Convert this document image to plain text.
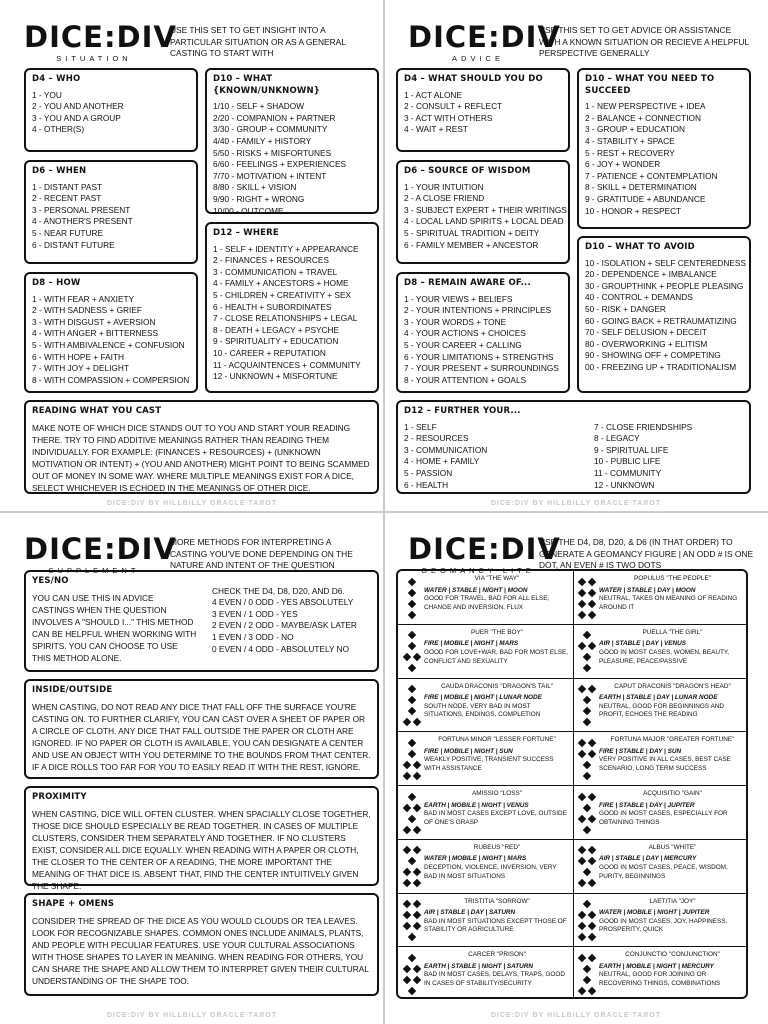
DICE:DIV
SITUATION
USE THIS SET TO GET INSIGHT INTO A PARTICULAR SITUATION OR AS A GENERAL CASTING TO START WITH
D4 – WHO
1 - YOU
2 - YOU AND ANOTHER
3 - YOU AND A GROUP
4 - OTHER(S)
D6 – WHEN
1 - DISTANT PAST
2 - RECENT PAST
3 - PERSONAL PRESENT
4 - ANOTHER'S PRESENT
5 - NEAR FUTURE
6 - DISTANT FUTURE
D8 – HOW
1 - WITH FEAR + ANXIETY
2 - WITH SADNESS + GRIEF
3 - WITH DISGUST + AVERSION
4 - WITH ANGER + BITTERNESS
5 - WITH AMBIVALENCE + CONFUSION
6 - WITH HOPE + FAITH
7 - WITH JOY + DELIGHT
8 - WITH COMPASSION + COMPERSION
D10 – WHAT {KNOWN/UNKNOWN}
1/10 - SELF + SHADOW
2/20 - COMPANION + PARTNER
3/30 - GROUP + COMMUNITY
4/40 - FAMILY + HISTORY
5/50 - RISKS + MISFORTUNES
6/60 - FEELINGS + EXPERIENCES
7/70 - MOTIVATION + INTENT
8/80 - SKILL + VISION
9/90 - RIGHT + WRONG
10/00 - OUTCOME
D12 – WHERE
1 - SELF + IDENTITY + APPEARANCE
2 - FINANCES + RESOURCES
3 - COMMUNICATION + TRAVEL
4 - FAMILY + ANCESTORS + HOME
5 - CHILDREN + CREATIVITY + SEX
6 - HEALTH + SUBORDINATES
7 - CLOSE RELATIONSHIPS + LEGAL
8 - DEATH + LEGACY + PSYCHE
9 - SPIRITUALITY + EDUCATION
10 - CAREER + REPUTATION
11 - ACQUAINTENCES + COMMUNITY
12 - UNKNOWN + MISFORTUNE
READING WHAT YOU CAST
MAKE NOTE OF WHICH DICE STANDS OUT TO YOU AND START YOUR READING THERE. TRY TO FIND ADDITIVE MEANINGS RATHER THAN READING THEM INDIVIDUALLY. FOR EXAMPLE: (FINANCES + RESOURCES) + (UNKNOWN MOTIVATION OR INTENT) + (YOU AND ANOTHER) MIGHT POINT TO BEING SCAMMED OUT OF MONEY IN SOME WAY. WHERE MULTIPLE MEANINGS EXIST FOR A DICE, SELECT WHICHEVER IS ECHOED IN THE MEANINGS OF OTHER DICE.
DICE:DIV BY HILLBILLY ORACLE TAROT
DICE:DIV
ADVICE
USE THIS SET TO GET ADVICE OR ASSISTANCE WITH A KNOWN SITUATION OR RECIEVE A HELPFUL PERSPECTIVE GENERALLY
D4 – WHAT SHOULD YOU DO
1 - ACT ALONE
2 - CONSULT + REFLECT
3 - ACT WITH OTHERS
4 - WAIT + REST
D6 – SOURCE OF WISDOM
1 - YOUR INTUITION
2 - A CLOSE FRIEND
3 - SUBJECT EXPERT + THEIR WRITINGS
4 - LOCAL LAND SPIRITS + LOCAL DEAD
5 - SPIRITUAL TRADITION + DEITY
6 - FAMILY MEMBER + ANCESTOR
D8 – REMAIN AWARE OF...
1 - YOUR VIEWS + BELIEFS
2 - YOUR INTENTIONS + PRINCIPLES
3 - YOUR WORDS + TONE
4 - YOUR ACTIONS + CHOICES
5 - YOUR CAREER + CALLING
6 - YOUR LIMITATIONS + STRENGTHS
7 - YOUR PRESENT + SURROUNDINGS
8 - YOUR ATTENTION + GOALS
D10 – WHAT YOU NEED TO SUCCEED
1 - NEW PERSPECTIVE + IDEA
2 - BALANCE + CONNECTION
3 - GROUP + EDUCATION
4 - STABILITY + SPACE
5 - REST + RECOVERY
6 - JOY + WONDER
7 - PATIENCE + CONTEMPLATION
8 - SKILL + DETERMINATION
9 - GRATITUDE + ABUNDANCE
10 - HONOR + RESPECT
D10 – WHAT TO AVOID
10 - ISOLATION + SELF CENTEREDNESS
20 - DEPENDENCE + IMBALANCE
30 - GROUPTHINK + PEOPLE PLEASING
40 - CONTROL + DEMANDS
50 - RISK + DANGER
60 - GOING BACK + RETRAUMATIZING
70 - SELF DELUSION + DECEIT
80 - OVERWORKING + ELITISM
90 - SHOWING OFF + COMPETING
00 - FREEZING UP + TRADITIONALISM
D12 – FURTHER YOUR...
1 - SELF
2 - RESOURCES
3 - COMMUNICATION
4 - HOME + FAMILY
5 - PASSION
6 - HEALTH
7 - CLOSE FRIENDSHIPS
8 - LEGACY
9 - SPIRITUAL LIFE
10 - PUBLIC LIFE
11 - COMMUNITY
12 - UNKNOWN
DICE:DIV BY HILLBILLY ORACLE TAROT
DICE:DIV
SUPPLEMENT
MORE METHODS FOR INTERPRETING A CASTING YOU'VE DONE DEPENDING ON THE NATURE AND INTENT OF THE QUESTION
YES/NO
YOU CAN USE THIS IN ADVICE CASTINGS WHEN THE QUESTION INVOLVES A "SHOULD I..." THIS METHOD CAN BE HELPFUL WHEN WORKING WITH SPIRITS. YOU CAN CHOOSE TO USE THIS METHOD ALONE.
CHECK THE D4, D8, D20, AND D6.
4 EVEN / 0 ODD - YES ABSOLUTELY
3 EVEN / 1 ODD - YES
2 EVEN / 2 ODD - MAYBE/ASK LATER
1 EVEN / 3 ODD - NO
0 EVEN / 4 ODD - ABSOLUTELY NO
INSIDE/OUTSIDE
WHEN CASTING, DO NOT READ ANY DICE THAT FALL OFF THE SURFACE YOU'RE CASTING ON. TO FURTHER CLARIFY, YOU CAN CAST OVER A SHEET OF PAPER OR A CIRCLE OF CLOTH. ANY DICE THAT FALL OUTSIDE THE PAPER OR CLOTH ARE IGNORED. IF NO PAPER OR CLOTH IS AVAILABLE, YOU CAN DESIGNATE A CENTER AND USE AN OBJECT WITH YOU DETERMINE TO THE BOUNDS FROM THAT CENTER. IF A DICE ROLLS TOO FAR FOR YOU TO EASILY READ IT WITH THE REST, IGNORE.
PROXIMITY
WHEN CASTING, DICE WILL OFTEN CLUSTER. WHEN SPACIALLY CLOSE TOGETHER, THOSE DICE SHOULD ESPECIALLY BE READ TOGETHER. IN CASES OF MULTIPLE CLUSTERS, CONSIDER THEM SEPARATELY AND TOGETHER. IF NO CLUSTERS EXIST, CONSIDER ALL DICE EQUALLY. WHEN READING WITH A PAPER OR CLOTH, THE CLOSER TO THE CENTER OF A READING, THE MORE IMPORTANT THE MEANING OF THAT DICE IS. ABSENT THAT, FIND THE CENTER INTUITIVELY GIVEN THE SHAPE.
SHAPE + OMENS
CONSIDER THE SPREAD OF THE DICE AS YOU WOULD CLOUDS OR TEA LEAVES. LOOK FOR RECOGNIZABLE SHAPES. COMMON ONES INCLUDE ANIMALS, PLANTS, AND PEOPLE WITH PECULIAR FEATURES. USE YOUR CULTURAL ASSOCIATIONS WITH THOSE SHAPES TO LAYER IN MEANING. WHEN READING FOR OTHERS, YOU CAN SHARE THE SHAPE AND ALLOW THEM TO INTERPRET GIVEN THEIR CULTURAL UNDERSTANDING OF THE SHAPE TOO.
DICE:DIV BY HILLBILLY ORACLE TAROT
DICE:DIV
GEOMANCY LITE
USE THE D4, D8, D20, & D6 (IN THAT ORDER) TO GENERATE A GEOMANCY FIGURE | AN ODD # IS ONE DOT, AN EVEN # IS TWO DOTS
VIA "THE WAY"
WATER | STABLE | NIGHT | MOON
GOOD FOR TRAVEL, BAD FOR ALL ELSE, CHANGE AND INVERSION, FLUX
POPULUS "THE PEOPLE"
WATER | STABLE | DAY | MOON
NEUTRAL, TAKES ON MEANING OF READING AROUND IT
PUER "THE BOY"
FIRE | MOBILE | NIGHT | MARS
GOOD FOR LOVE+WAR, BAD FOR MOST ELSE, CONFLICT AND SEXUALITY
PUELLA "THE GIRL"
AIR | STABLE | DAY | VENUS
GOOD IN MOST CASES, WOMEN, BEAUTY, PLEASURE, PEACE/PASSIVE
CAUDA DRACONIS "DRAGON'S TAIL"
FIRE | MOBILE | NIGHT | LUNAR NODE
SOUTH NODE, VERY BAD IN MOST SITUATIONS, ENDINGS, COMPLETION
CAPUT DRACONIS "DRAGON'S HEAD"
EARTH | STABLE | DAY | LUNAR NODE
NEUTRAL, GOOD FOR BEGINNINGS AND PROFIT, ECHOES THE READING
FORTUNA MINOR "LESSER FORTUNE"
FIRE | MOBILE | NIGHT | SUN
WEAKLY POSITIVE, TRANSIENT SUCCESS WITH ASSISTANCE
FORTUNA MAJOR "GREATER FORTUNE"
FIRE | STABLE | DAY | SUN
VERY POSITIVE IN ALL CASES, BEST CASE SCENARIO, LONG TERM SUCCESS
AMISSIO "LOSS"
EARTH | MOBILE | NIGHT | VENUS
BAD IN MOST CASES EXCEPT LOVE, OUTSIDE OF ONE'S GRASP
ACQUISITIO "GAIN"
FIRE | STABLE | DAY | JUPITER
GOOD IN MOST CASES, ESPECIALLY FOR OBTAINING THINGS
RUBEUS "RED"
WATER | MOBILE | NIGHT | MARS
DECEPTION, VIOLENCE, INVERSION, VERY BAD IN MOST SITUATIONS
ALBUS "WHITE"
AIR | STABLE | DAY | MERCURY
GOOD IN MOST CASES, PEACE, WISDOM, PURITY, BEGINNINGS
TRISTITIA "SORROW"
AIR | STABLE | DAY | SATURN
BAD IN MOST SITUATIONS EXCEPT THOSE OF STABILITY OR AGRICULTURE
LAETITIA "JOY"
WATER | MOBILE | NIGHT | JUPITER
GOOD IN MOST CASES, JOY, HAPPINESS, PROSPERITY, QUICK
CARCER "PRISON"
EARTH | STABLE | NIGHT | SATURN
BAD IN MOST CASES, DELAYS, TRAPS, GOOD IN CASES OF STABILITY/SECURITY
CONJUNCTIO "CONJUNCTION"
EARTH | MOBILE | NIGHT | MERCURY
NEUTRAL, GOOD FOR JOINING OR RECOVERING THINGS, COMBINATIONS
DICE:DIV BY HILLBILLY ORACLE TAROT
